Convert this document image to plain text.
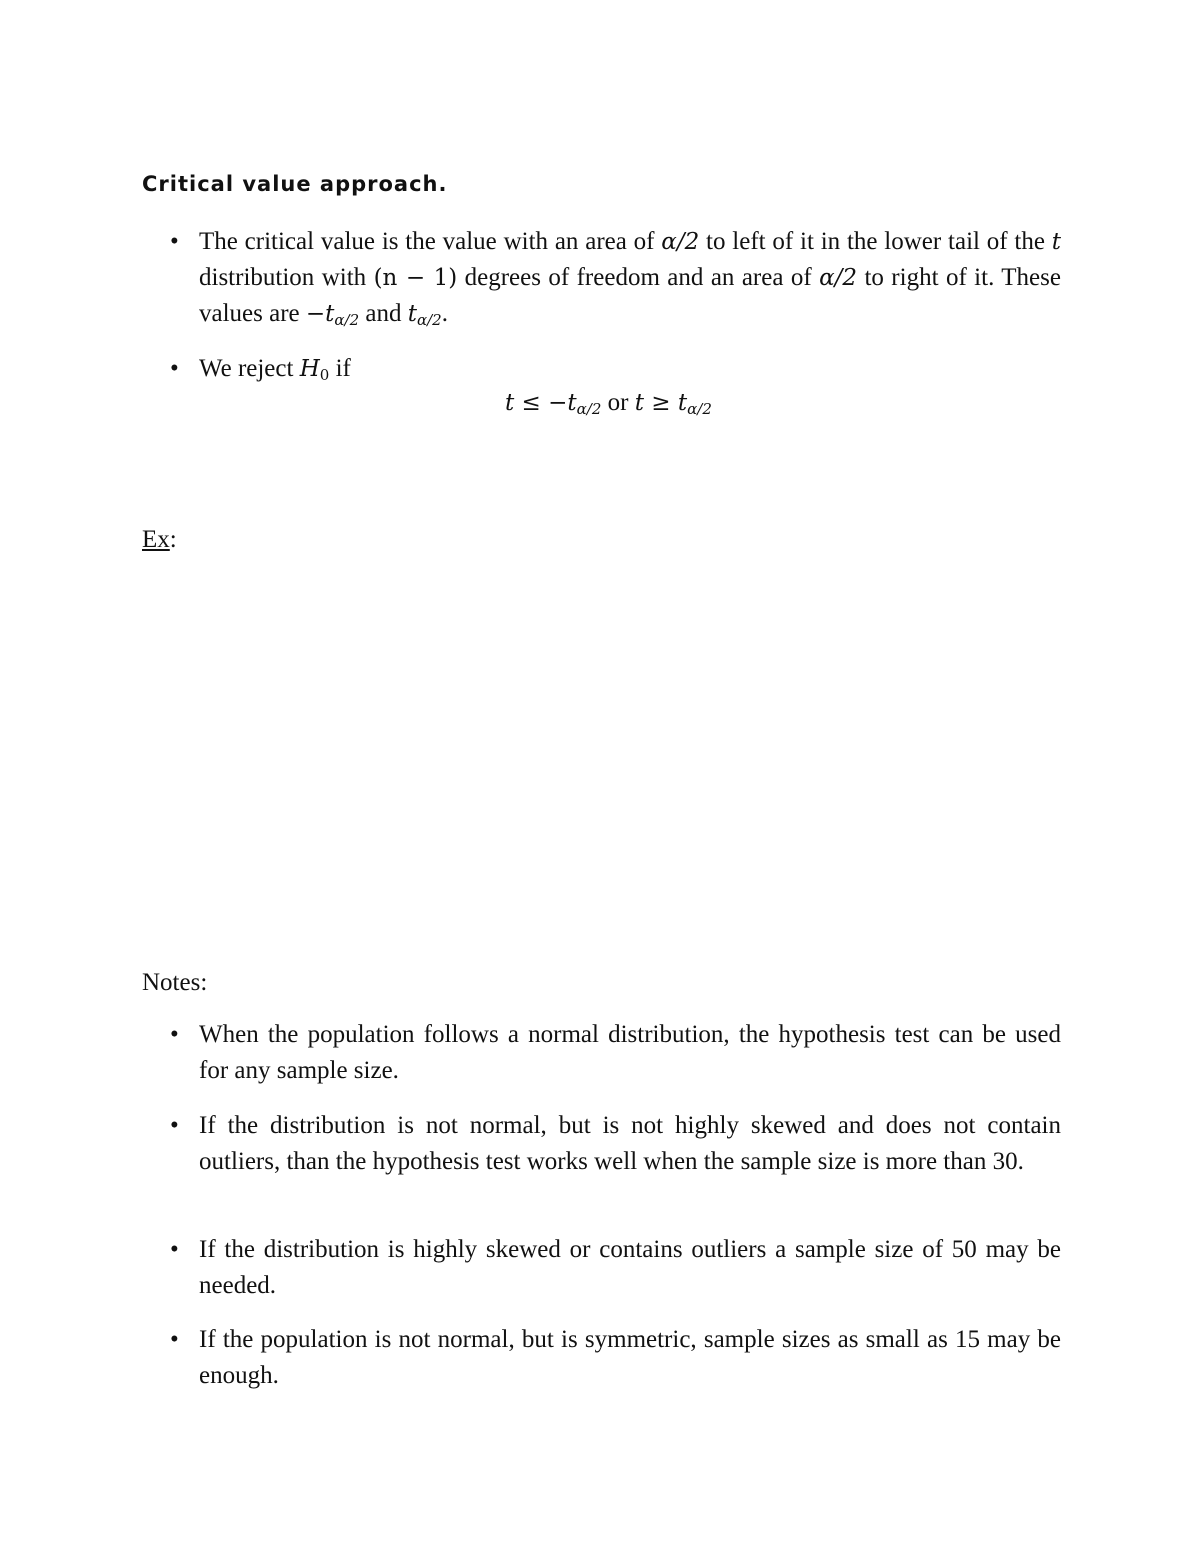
Critical value approach.
• The critical value is the value with an area of α/2 to left of it in the lower tail of the t distribution with (n − 1) degrees of freedom and an area of α/2 to right of it. These values are $-t_{\alpha/2}$ and $t_{\alpha/2}$.
• We reject $H_0$ if
$t \le -t_{\alpha/2}$ or $t \ge t_{\alpha/2}$
Ex:
Notes:
• When the population follows a normal distribution, the hypothesis test can be used for any sample size.
• If the distribution is not normal, but is not highly skewed and does not contain outliers, than the hypothesis test works well when the sample size is more than 30.
• If the distribution is highly skewed or contains outliers a sample size of 50 may be needed.
• If the population is not normal, but is symmetric, sample sizes as small as 15 may be enough.
